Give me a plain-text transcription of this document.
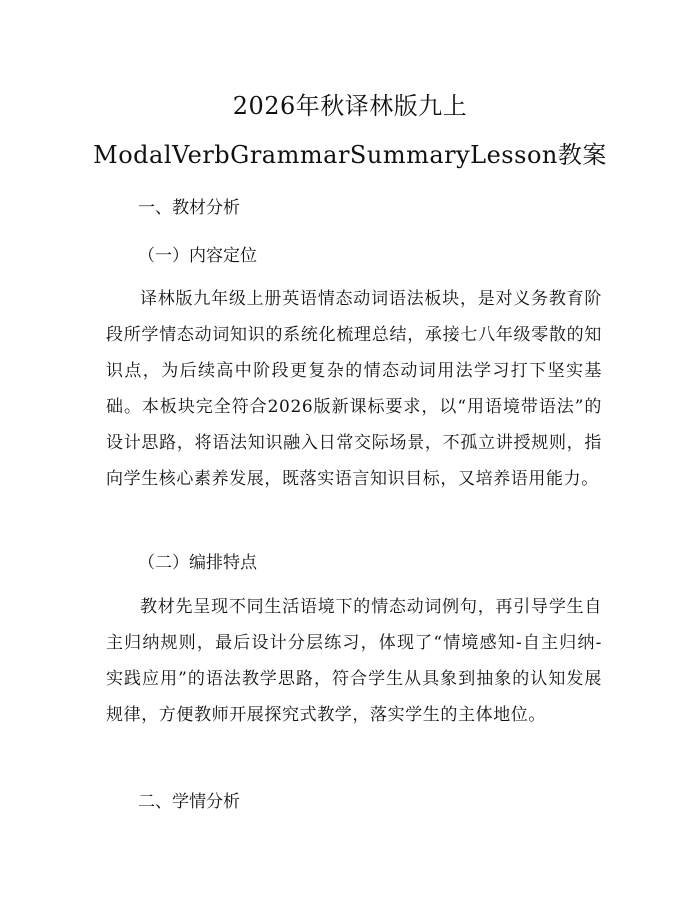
2026年秋译林版九上
ModalVerbGrammarSummaryLesson教案
一、教材分析
（一）内容定位
译林版九年级上册英语情态动词语法板块，是对义务教育阶段所学情态动词知识的系统化梳理总结，承接七八年级零散的知识点，为后续高中阶段更复杂的情态动词用法学习打下坚实基础。本板块完全符合2026版新课标要求，以“用语境带语法”的设计思路，将语法知识融入日常交际场景，不孤立讲授规则，指向学生核心素养发展，既落实语言知识目标，又培养语用能力。
（二）编排特点
教材先呈现不同生活语境下的情态动词例句，再引导学生自主归纳规则，最后设计分层练习，体现了“情境感知-自主归纳-实践应用”的语法教学思路，符合学生从具象到抽象的认知发展规律，方便教师开展探究式教学，落实学生的主体地位。
二、学情分析
